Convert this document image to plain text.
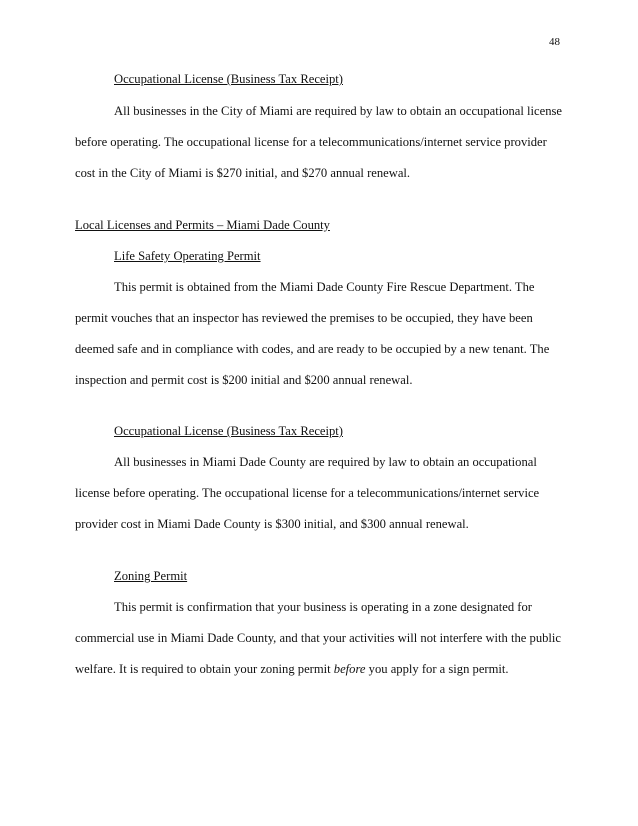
48
Occupational License (Business Tax Receipt)
All businesses in the City of Miami are required by law to obtain an occupational license
before operating. The occupational license for a telecommunications/internet service provider
cost in the City of Miami is $270 initial, and $270 annual renewal.
Local Licenses and Permits – Miami Dade County
Life Safety Operating Permit
This permit is obtained from the Miami Dade County Fire Rescue Department. The
permit vouches that an inspector has reviewed the premises to be occupied, they have been
deemed safe and in compliance with codes, and are ready to be occupied by a new tenant. The
inspection and permit cost is $200 initial and $200 annual renewal.
Occupational License (Business Tax Receipt)
All businesses in Miami Dade County are required by law to obtain an occupational
license before operating. The occupational license for a telecommunications/internet service
provider cost in Miami Dade County is $300 initial, and $300 annual renewal.
Zoning Permit
This permit is confirmation that your business is operating in a zone designated for
commercial use in Miami Dade County, and that your activities will not interfere with the public
welfare. It is required to obtain your zoning permit before you apply for a sign permit.
